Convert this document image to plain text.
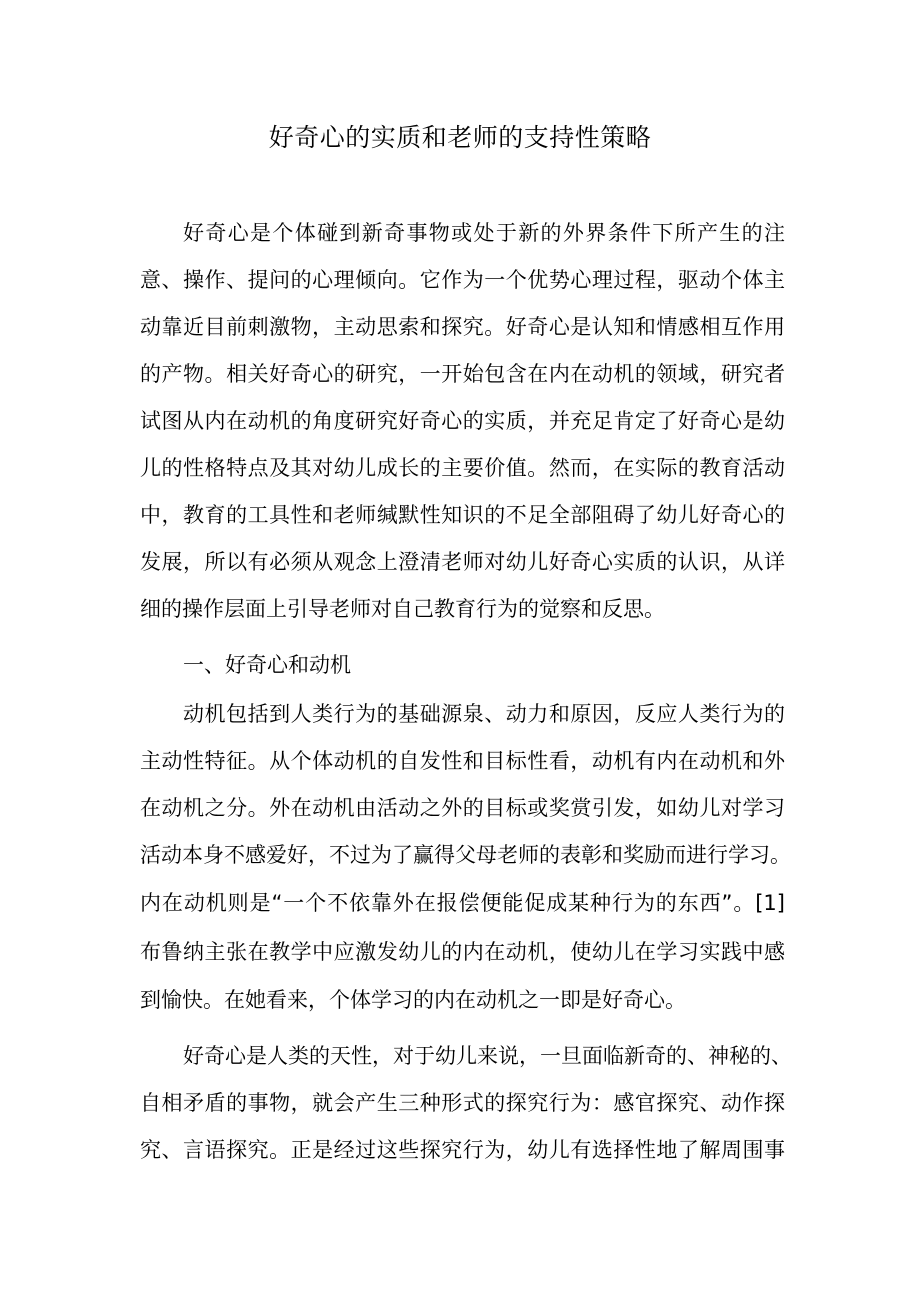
好奇心的实质和老师的支持性策略

好奇心是个体碰到新奇事物或处于新的外界条件下所产生的注

意、操作、提问的心理倾向。它作为一个优势心理过程，驱动个体主

动靠近目前刺激物，主动思索和探究。好奇心是认知和情感相互作用

的产物。相关好奇心的研究，一开始包含在内在动机的领域，研究者

试图从内在动机的角度研究好奇心的实质，并充足肯定了好奇心是幼

儿的性格特点及其对幼儿成长的主要价值。然而，在实际的教育活动

中，教育的工具性和老师缄默性知识的不足全部阻碍了幼儿好奇心的

发展，所以有必须从观念上澄清老师对幼儿好奇心实质的认识，从详

细的操作层面上引导老师对自己教育行为的觉察和反思。

一、好奇心和动机

动机包括到人类行为的基础源泉、动力和原因，反应人类行为的

主动性特征。从个体动机的自发性和目标性看，动机有内在动机和外

在动机之分。外在动机由活动之外的目标或奖赏引发，如幼儿对学习

活动本身不感爱好，不过为了赢得父母老师的表彰和奖励而进行学习。

内在动机则是“一个不依靠外在报偿便能促成某种行为的东西”。[1]

布鲁纳主张在教学中应激发幼儿的内在动机，使幼儿在学习实践中感

到愉快。在她看来，个体学习的内在动机之一即是好奇心。

好奇心是人类的天性，对于幼儿来说，一旦面临新奇的、神秘的、

自相矛盾的事物，就会产生三种形式的探究行为：感官探究、动作探

究、言语探究。正是经过这些探究行为，幼儿有选择性地了解周围事
